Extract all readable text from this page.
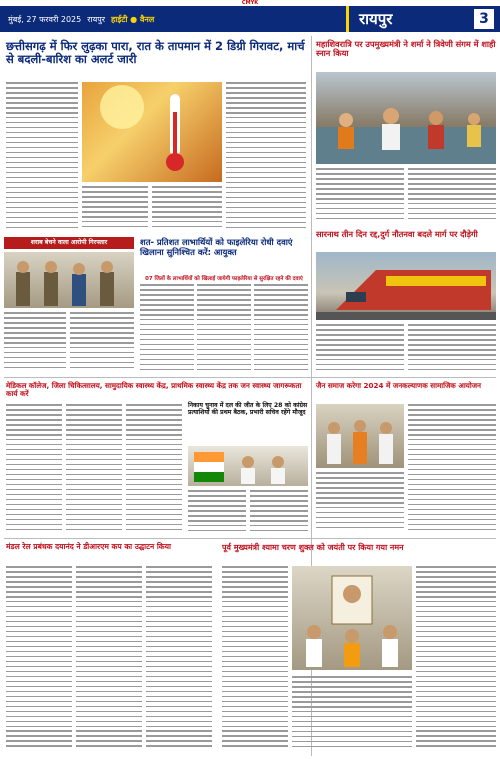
CMYK
मुंबई, 27 फरवरी 2025 रायपुर हाईटी ● वैनल	रायपुर	3
छत्तीसगढ़ में फिर लुढ़का पारा, रात के तापमान में 2 डिग्री गिरावट, मार्च से बदली-बारिश का अलर्ट जारी
महाशिवरात्रि पर उपमुख्यमंत्री ने शर्मा ने त्रिवेणी संगम में शाही स्नान किया
शराब बेचने वाला आरोपी गिरफ्तार	शत- प्रतिशत लाभार्थियों को फाइलेरिया रोधी दवाएं खिलाना सुनिश्चित करें: आयुक्त
07 जिलों के लाभार्थियों को खिलाई जायेगी फाइलेरिया से सुरक्षित रहने की दवाएं
सारनाथ तीन दिन रद्द,दुर्ग नौतनवा बदले मार्ग पर दौड़ेगी
मेडिकल कॉलेज, जिला चिकित्सालय, सामुदायिक स्वास्थ्य केंद्र, प्राथमिक स्वास्थ्य केंद्र तक जन स्वास्थ्य जागरूकता कार्य करें
निकाय चुनाव में दल की जीत के लिए 28 को कांग्रेस प्रत्याशियों की प्रथम बैठक, प्रभारी सचिव रहेंगे मौजूद
जैन समाज करेगा 2024 में जनकल्याणक सामाजिक आयोजन
मंडल रेल प्रबंधक दयानंद ने डीआरएम कप का उद्घाटन किया	पूर्व मुख्यमंत्री श्यामा चरण शुक्ल को जयंती पर किया गया नमन
